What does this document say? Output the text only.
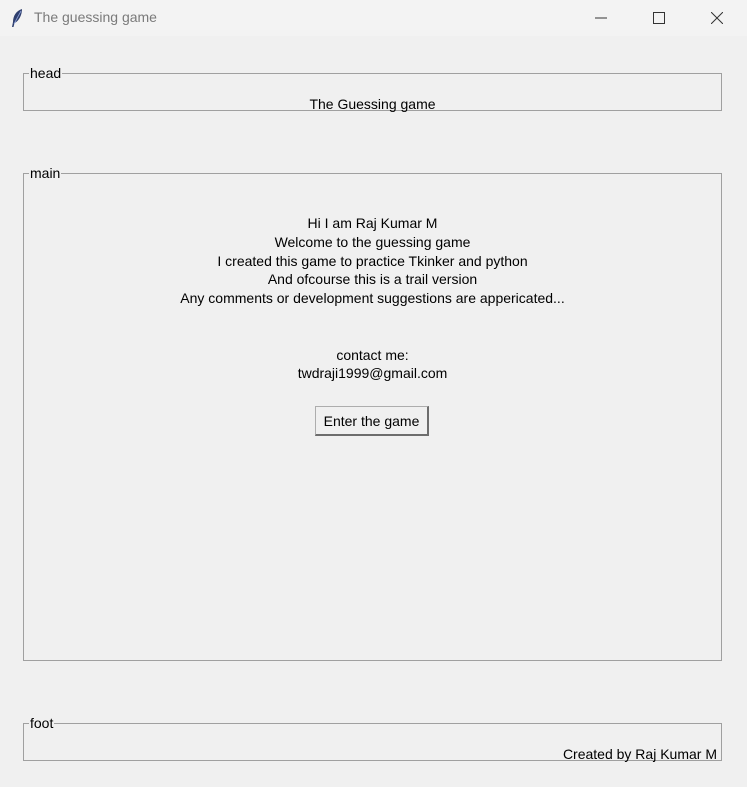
The guessing game
head
The Guessing game
main
Hi I am Raj Kumar M
Welcome to the guessing game
I created this game to practice Tkinker and python
And ofcourse this is a trail version
Any comments or development suggestions are appericated...
contact me:
twdraji1999@gmail.com
Enter the game
foot
Created by Raj Kumar M
